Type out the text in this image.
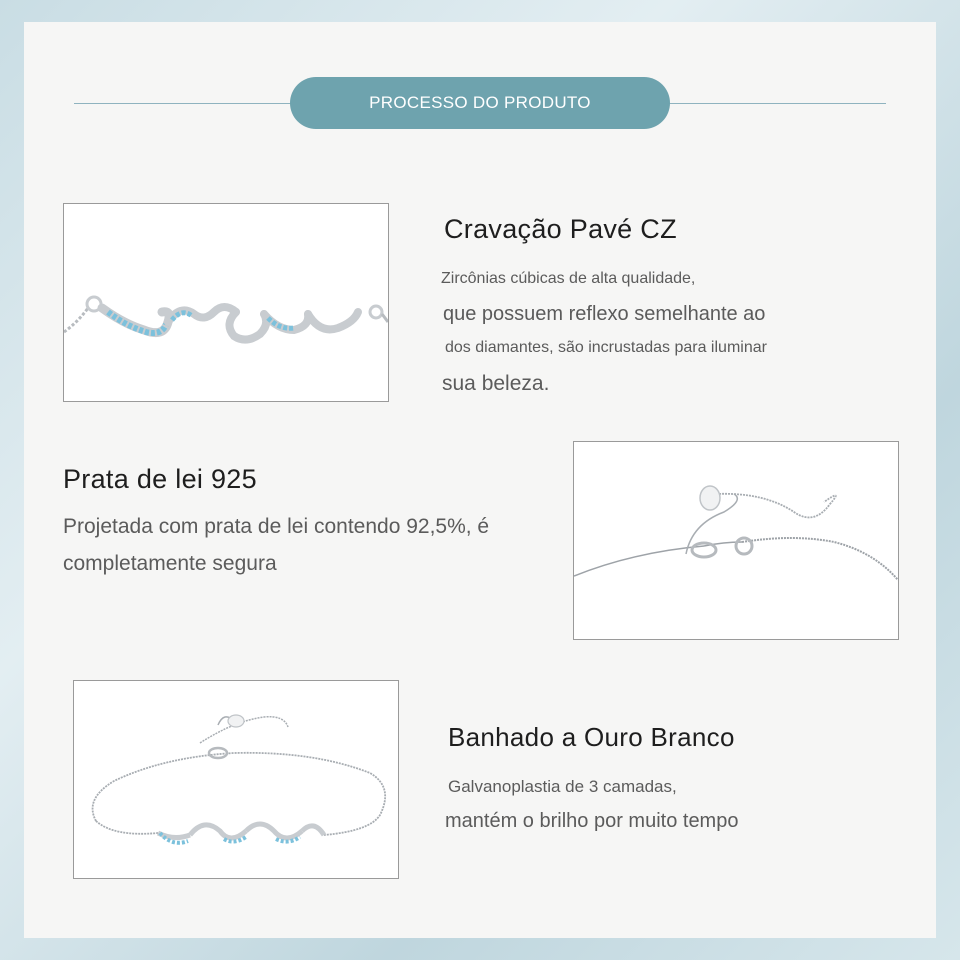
PROCESSO DO PRODUTO
Cravação Pavé CZ
Zircônias cúbicas de alta qualidade,
que possuem reflexo semelhante ao
dos diamantes, são incrustadas para iluminar
sua beleza.
Prata de lei 925
Projetada com prata de lei contendo 92,5%, é
completamente segura
Banhado a Ouro Branco
Galvanoplastia de 3 camadas,
mantém o brilho por muito tempo
